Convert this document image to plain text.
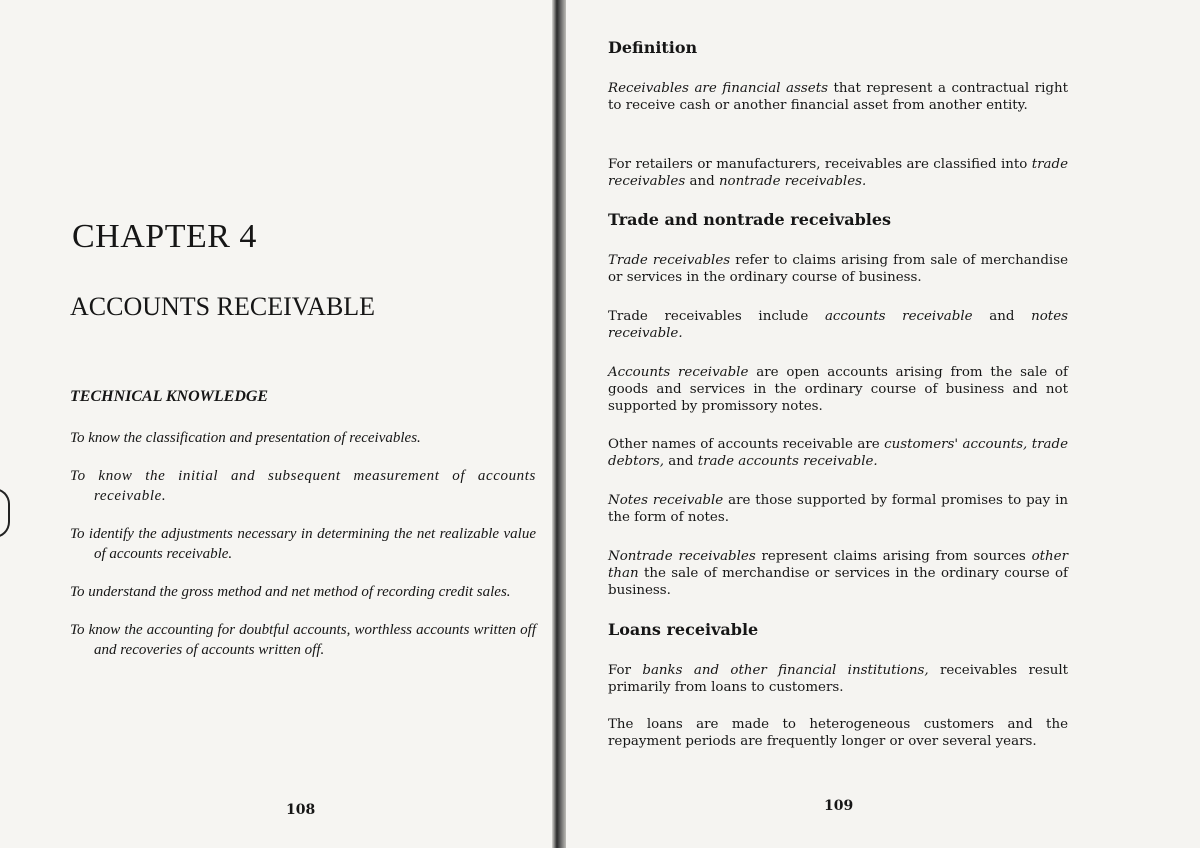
CHAPTER 4
ACCOUNTS RECEIVABLE
TECHNICAL KNOWLEDGE
To know the classification and presentation of receivables.
To know the initial and subsequent measurement of accounts receivable.
To identify the adjustments necessary in determining the net realizable value of accounts receivable.
To understand the gross method and net method of recording credit sales.
To know the accounting for doubtful accounts, worthless accounts written off and recoveries of accounts written off.
108
Definition

Receivables are financial assets that represent a contractual right to receive cash or another financial asset from another entity.

For retailers or manufacturers, receivables are classified into trade receivables and nontrade receivables.

Trade and nontrade receivables

Trade receivables refer to claims arising from sale of merchandise or services in the ordinary course of business.

Trade receivables include accounts receivable and notes receivable.

Accounts receivable are open accounts arising from the sale of goods and services in the ordinary course of business and not supported by promissory notes.

Other names of accounts receivable are customers' accounts, trade debtors, and trade accounts receivable.

Notes receivable are those supported by formal promises to pay in the form of notes.

Nontrade receivables represent claims arising from sources other than the sale of merchandise or services in the ordinary course of business.

Loans receivable

For banks and other financial institutions, receivables result primarily from loans to customers.

The loans are made to heterogeneous customers and the repayment periods are frequently longer or over several years.

109
